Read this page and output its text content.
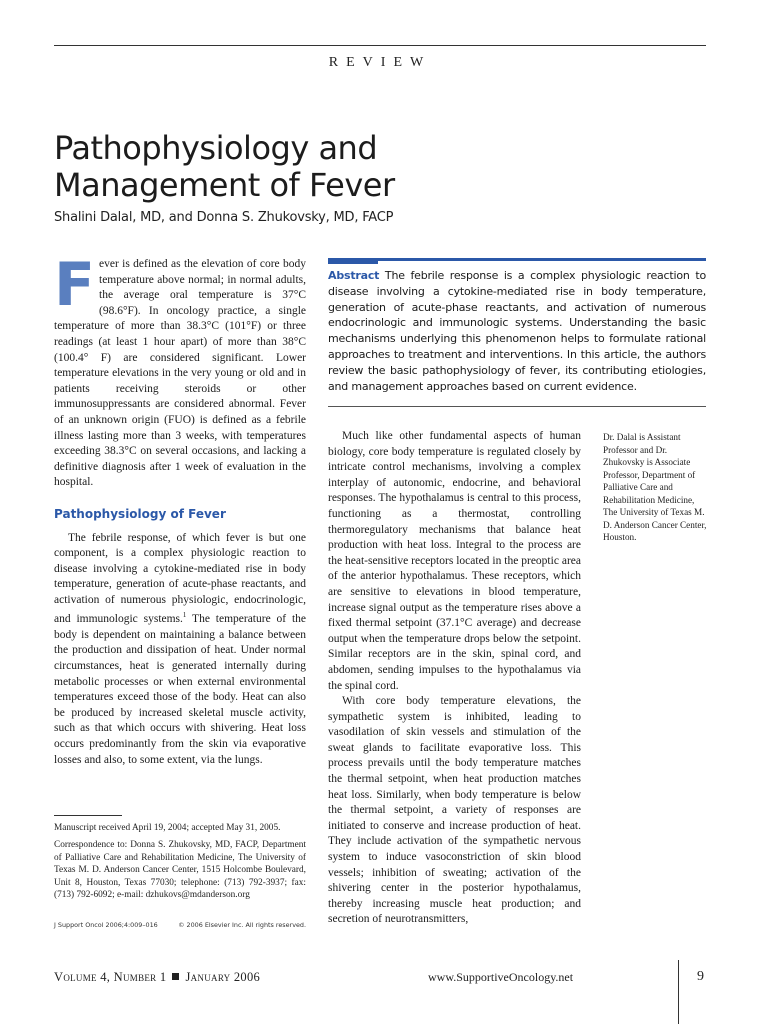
REVIEW
Pathophysiology and
Management of Fever
Shalini Dalal, MD, and Donna S. Zhukovsky, MD, FACP

Fever is defined as the elevation of core body temperature above normal; in normal adults, the average oral temperature is 37°C (98.6°F). In oncology practice, a single temperature of more than 38.3°C (101°F) or three readings (at least 1 hour apart) of more than 38°C (100.4° F) are considered significant. Lower temperature elevations in the very young or old and in patients receiving steroids or other immunosuppressants are considered abnormal. Fever of an unknown origin (FUO) is defined as a febrile illness lasting more than 3 weeks, with temperatures exceeding 38.3°C on several occasions, and lacking a definitive diagnosis after 1 week of evaluation in the hospital.

Pathophysiology of Fever

The febrile response, of which fever is but one component, is a complex physiologic reaction to disease involving a cytokine-mediated rise in body temperature, generation of acute-phase reactants, and activation of numerous physiologic, endocrinologic, and immunologic systems.$^1$ The temperature of the body is dependent on maintaining a balance between the production and dissipation of heat. Under normal circumstances, heat is generated internally during metabolic processes or when external environmental temperatures exceed those of the body. Heat can also be produced by increased skeletal muscle activity, such as that which occurs with shivering. Heat loss occurs predominantly from the skin via evaporative losses and also, to some extent, via the lungs.

Manuscript received April 19, 2004; accepted May 31, 2005.

Correspondence to: Donna S. Zhukovsky, MD, FACP, Department of Palliative Care and Rehabilitation Medicine, The University of Texas M. D. Anderson Cancer Center, 1515 Holcombe Boulevard, Unit 8, Houston, Texas 77030; telephone: (713) 792-3937; fax: (713) 792-6092; e-mail: dzhukovs@mdanderson.org

J Support Oncol 2006;4:009–016	© 2006 Elsevier Inc. All rights reserved.

Abstract The febrile response is a complex physiologic reaction to disease involving a cytokine-mediated rise in body temperature, generation of acute-phase reactants, and activation of numerous endocrinologic and immunologic systems. Understanding the basic mechanisms underlying this phenomenon helps to formulate rational approaches to treatment and interventions. In this article, the authors review the basic pathophysiology of fever, its contributing etiologies, and management approaches based on current evidence.

Much like other fundamental aspects of human biology, core body temperature is regulated closely by intricate control mechanisms, involving a complex interplay of autonomic, endocrine, and behavioral responses. The hypothalamus is central to this process, functioning as a thermostat, controlling thermoregulatory mechanisms that balance heat production with heat loss. Integral to the process are the heat-sensitive receptors located in the preoptic area of the anterior hypothalamus. These receptors, which are sensitive to elevations in blood temperature, increase signal output as the temperature rises above a fixed thermal setpoint (37.1°C average) and decrease output when the temperature drops below the setpoint. Similar receptors are in the skin, spinal cord, and abdomen, sending impulses to the hypothalamus via the spinal cord.

With core body temperature elevations, the sympathetic system is inhibited, leading to vasodilation of skin vessels and stimulation of the sweat glands to facilitate evaporative loss. This process prevails until the body temperature matches the thermal setpoint, when heat production matches heat loss. Similarly, when body temperature is below the thermal setpoint, a variety of responses are initiated to conserve and increase production of heat. They include activation of the sympathetic nervous system to induce vasoconstriction of skin blood vessels; inhibition of sweating; activation of the shivering center in the posterior hypothalamus, thereby increasing muscle heat production; and secretion of neurotransmitters,

Dr. Dalal is Assistant Professor and Dr. Zhukovsky is Associate Professor, Department of Palliative Care and Rehabilitation Medicine, The University of Texas M. D. Anderson Cancer Center, Houston.

Volume 4, Number 1 January 2006	www.SupportiveOncology.net	9
